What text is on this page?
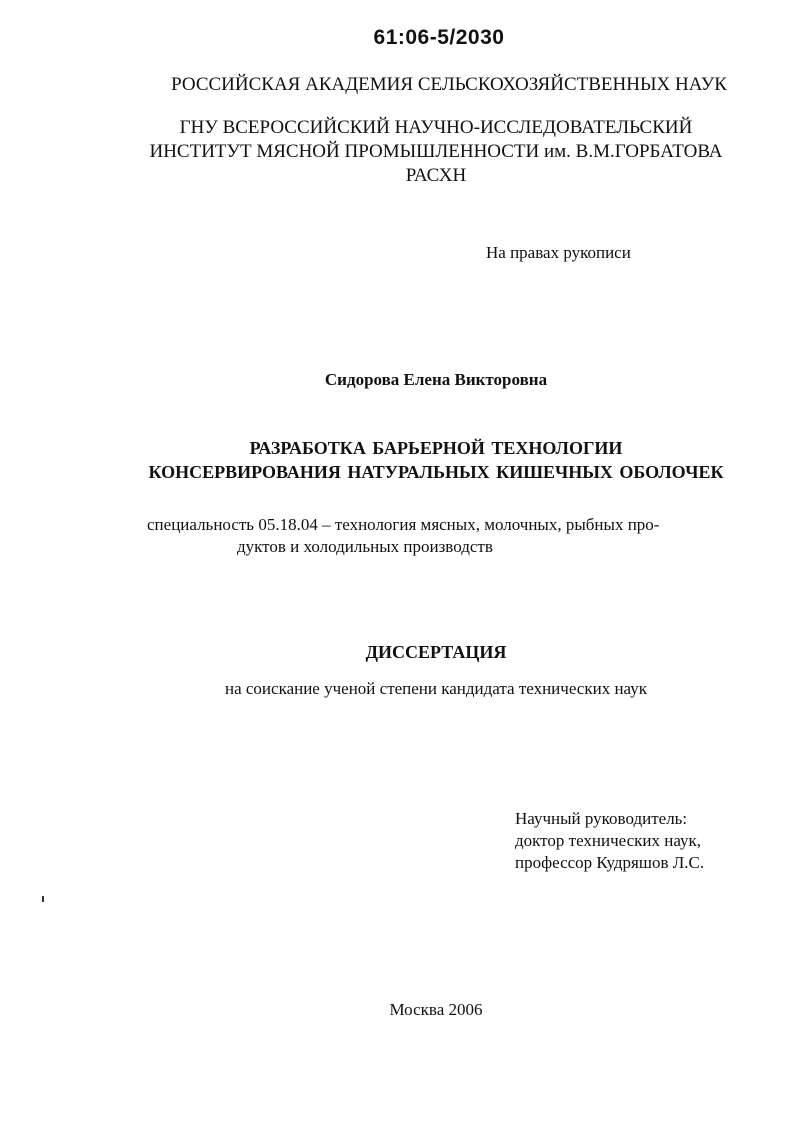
61:06-5/2030
РОССИЙСКАЯ АКАДЕМИЯ СЕЛЬСКОХОЗЯЙСТВЕННЫХ НАУК
ГНУ ВСЕРОССИЙСКИЙ НАУЧНО-ИССЛЕДОВАТЕЛЬСКИЙ
ИНСТИТУТ МЯСНОЙ ПРОМЫШЛЕННОСТИ им. В.М.ГОРБАТОВА
РАСХН
На правах рукописи
Сидорова Елена Викторовна
РАЗРАБОТКА БАРЬЕРНОЙ ТЕХНОЛОГИИ
КОНСЕРВИРОВАНИЯ НАТУРАЛЬНЫХ КИШЕЧНЫХ ОБОЛОЧЕК
специальность 05.18.04 – технология мясных, молочных, рыбных про-
дуктов и холодильных производств
ДИССЕРТАЦИЯ
на соискание ученой степени кандидата технических наук
Научный руководитель:
доктор технических наук,
профессор Кудряшов Л.С.
Москва 2006
